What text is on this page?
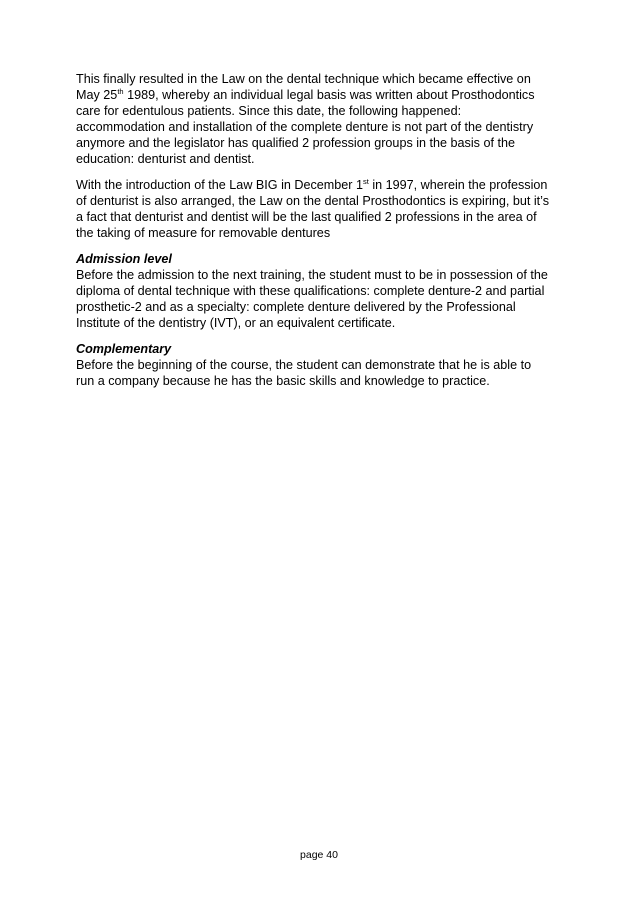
This finally resulted in the Law on the dental technique which became effective on
May 25th 1989, whereby an individual legal basis was written about Prosthodontics
care for edentulous patients. Since this date, the following happened:
accommodation and installation of the complete denture is not part of the dentistry
anymore and the legislator has qualified 2 profession groups in the basis of the
education: denturist and dentist.
With the introduction of the Law BIG in December 1st in 1997, wherein the profession
of denturist is also arranged, the Law on the dental Prosthodontics is expiring, but it’s
a fact that denturist and dentist will be the last qualified 2 professions in the area of
the taking of measure for removable dentures
Admission level
Before the admission to the next training, the student must to be in possession of the
diploma of dental technique with these qualifications: complete denture-2 and partial
prosthetic-2 and as a specialty: complete denture delivered by the Professional
Institute of the dentistry (IVT), or an equivalent certificate.
Complementary
Before the beginning of the course, the student can demonstrate that he is able to
run a company because he has the basic skills and knowledge to practice.
page 40
